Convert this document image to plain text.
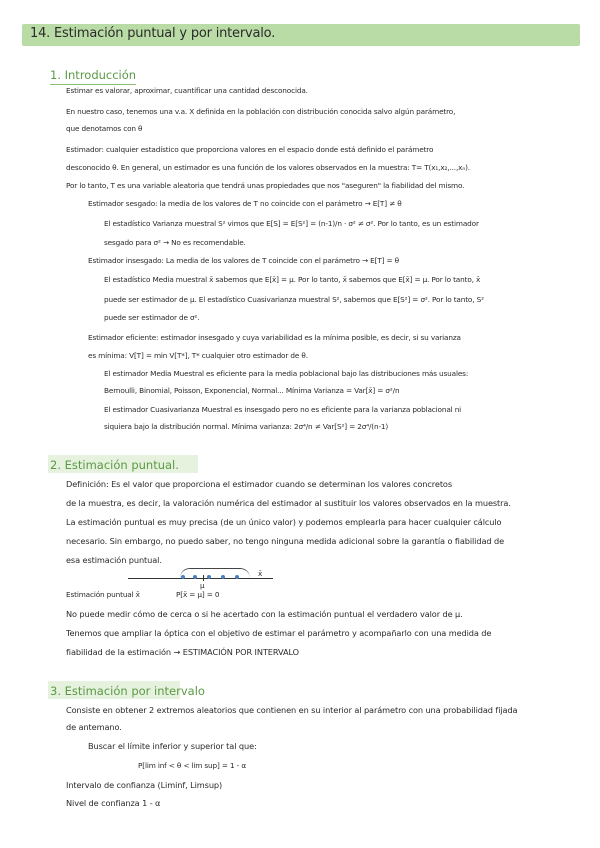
14. Estimación puntual y por intervalo.
1. Introducción
Estimar es valorar, aproximar, cuantificar una cantidad desconocida.
En nuestro caso, tenemos una v.a. X definida en la población con distribución conocida salvo algún parámetro,
que denotamos con θ
Estimador: cualquier estadístico que proporciona valores en el espacio donde está definido el parámetro
desconocido θ. En general, un estimador es una función de los valores observados en la muestra: T= T(x₁,x₂,...,xₙ).
Por lo tanto, T es una variable aleatoria que tendrá unas propiedades que nos "aseguren" la fiabilidad del mismo.
Estimador sesgado: la media de los valores de T no coincide con el parámetro → E[T] ≠ θ
El estadístico Varianza muestral S² vimos que E[S] = E[S²] = (n-1)/n · σ² ≠ σ². Por lo tanto, es un estimador
sesgado para σ² → No es recomendable.
Estimador insesgado: La media de los valores de T coincide con el parámetro → E[T] = θ
El estadístico Media muestral x̄ sabemos que E[x̄] = μ. Por lo tanto, x̄ sabemos que E[x̄] = μ. Por lo tanto, x̄
puede ser estimador de μ. El estadístico Cuasivarianza muestral S², sabemos que E[S²] = σ². Por lo tanto, S²
puede ser estimador de σ².
Estimador eficiente: estimador insesgado y cuya variabilidad es la mínima posible, es decir, si su varianza
es mínima: V[T] = min V[T*], T* cualquier otro estimador de θ.
El estimador Media Muestral es eficiente para la media poblacional bajo las distribuciones más usuales:
Bernoulli, Binomial, Poisson, Exponencial, Normal... Mínima Varianza = Var[x̄] = σ²/n
El estimador Cuasivarianza Muestral es insesgado pero no es eficiente para la varianza poblacional ni
siquiera bajo la distribución normal. Mínima varianza: 2σ⁴/n ≠ Var[S²] = 2σ⁴/(n-1)
2. Estimación puntual.
Definición: Es el valor que proporciona el estimador cuando se determinan los valores concretos
de la muestra, es decir, la valoración numérica del estimador al sustituir los valores observados en la muestra.
La estimación puntual es muy precisa (de un único valor) y podemos emplearla para hacer cualquier cálculo
necesario. Sin embargo, no puedo saber, no tengo ninguna medida adicional sobre la garantía o fiabilidad de
esa estimación puntual.
μ
x̄
Estimación puntual x̄	P[x̄ = μ] = 0
No puede medir cómo de cerca o si he acertado con la estimación puntual el verdadero valor de μ.
Tenemos que ampliar la óptica con el objetivo de estimar el parámetro y acompañarlo con una medida de
fiabilidad de la estimación → ESTIMACIÓN POR INTERVALO
3. Estimación por intervalo
Consiste en obtener 2 extremos aleatorios que contienen en su interior al parámetro con una probabilidad fijada
de antemano.
Buscar el límite inferior y superior tal que:
P[lim inf < θ < lim sup] = 1 - α
Intervalo de confianza (Liminf, Limsup)
Nivel de confianza 1 - α
